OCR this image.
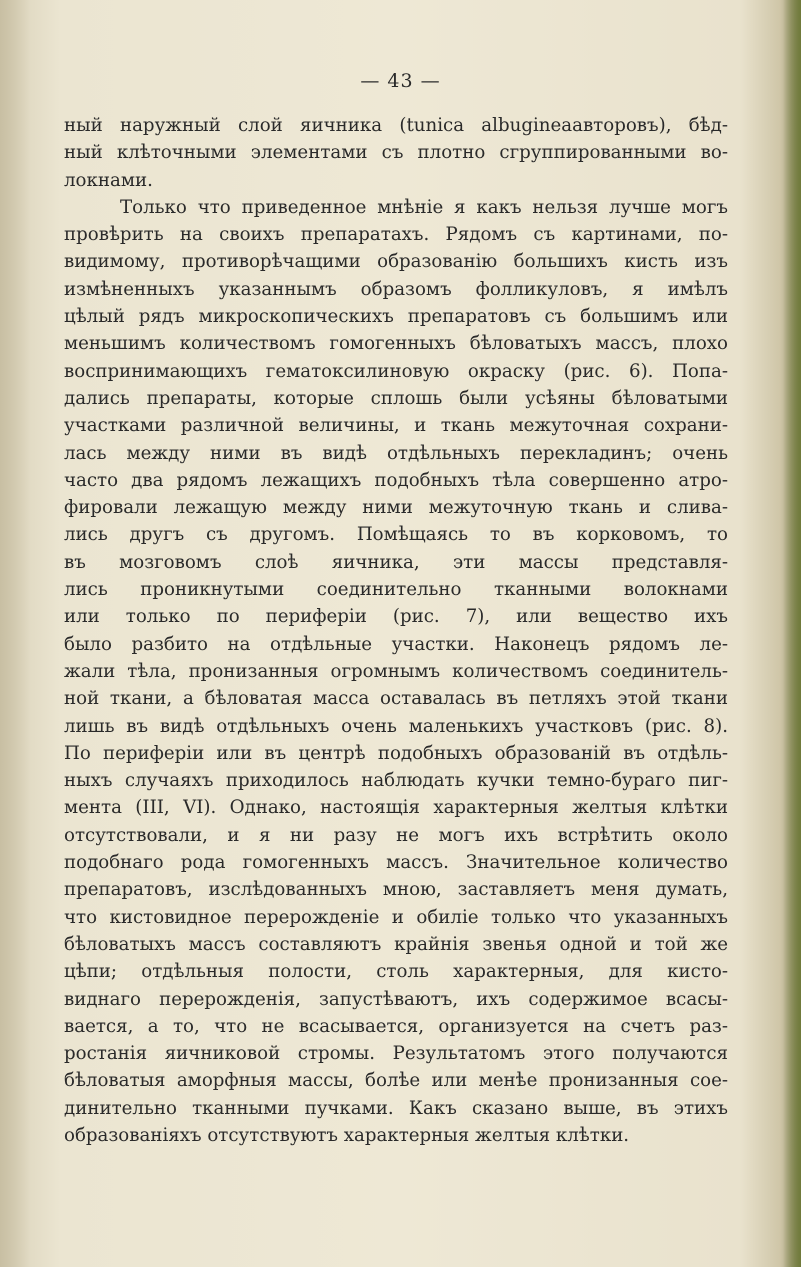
— 43 —
ный наружный слой яичника (tunica albugineaавторовъ), бѣд-
ный клѣточными элементами съ плотно сгруппированными во-
локнами.
Только что приведенное мнѣніе я какъ нельзя лучше могъ
провѣрить на своихъ препаратахъ. Рядомъ съ картинами, по-
видимому, противорѣчащими образованію большихъ кисть изъ
измѣненныхъ указаннымъ образомъ фолликуловъ, я имѣлъ
цѣлый рядъ микроскопическихъ препаратовъ съ большимъ или
меньшимъ количествомъ гомогенныхъ бѣловатыхъ массъ, плохо
воспринимающихъ гематоксилиновую окраску (рис. 6). Попа-
дались препараты, которые сплошь были усѣяны бѣловатыми
участками различной величины, и ткань межуточная сохрани-
лась между ними въ видѣ отдѣльныхъ перекладинъ; очень
часто два рядомъ лежащихъ подобныхъ тѣла совершенно атро-
фировали лежащую между ними межуточную ткань и слива-
лись другъ съ другомъ. Помѣщаясь то въ корковомъ, то
въ мозговомъ слоѣ яичника, эти массы представля-
лись проникнутыми соединительно тканными волокнами
или только по периферіи (рис. 7), или вещество ихъ
было разбито на отдѣльные участки. Наконецъ рядомъ ле-
жали тѣла, пронизанныя огромнымъ количествомъ соединитель-
ной ткани, а бѣловатая масса оставалась въ петляхъ этой ткани
лишь въ видѣ отдѣльныхъ очень маленькихъ участковъ (рис. 8).
По периферіи или въ центрѣ подобныхъ образованій въ отдѣль-
ныхъ случаяхъ приходилось наблюдать кучки темно-бураго пиг-
мента (III, VI). Однако, настоящія характерныя желтыя клѣтки
отсутствовали, и я ни разу не могъ ихъ встрѣтить около
подобнаго рода гомогенныхъ массъ. Значительное количество
препаратовъ, изслѣдованныхъ мною, заставляетъ меня думать,
что кистовидное перерожденіе и обиліе только что указанныхъ
бѣловатыхъ массъ составляютъ крайнія звенья одной и той же
цѣпи; отдѣльныя полости, столь характерныя, для кисто-
виднаго перерожденія, запустѣваютъ, ихъ содержимое всасы-
вается, а то, что не всасывается, организуется на счетъ раз-
ростанія яичниковой стромы. Результатомъ этого получаются
бѣловатыя аморфныя массы, болѣе или менѣе пронизанныя сое-
динительно тканными пучками. Какъ сказано выше, въ этихъ
образованіяхъ отсутствуютъ характерныя желтыя клѣтки.
